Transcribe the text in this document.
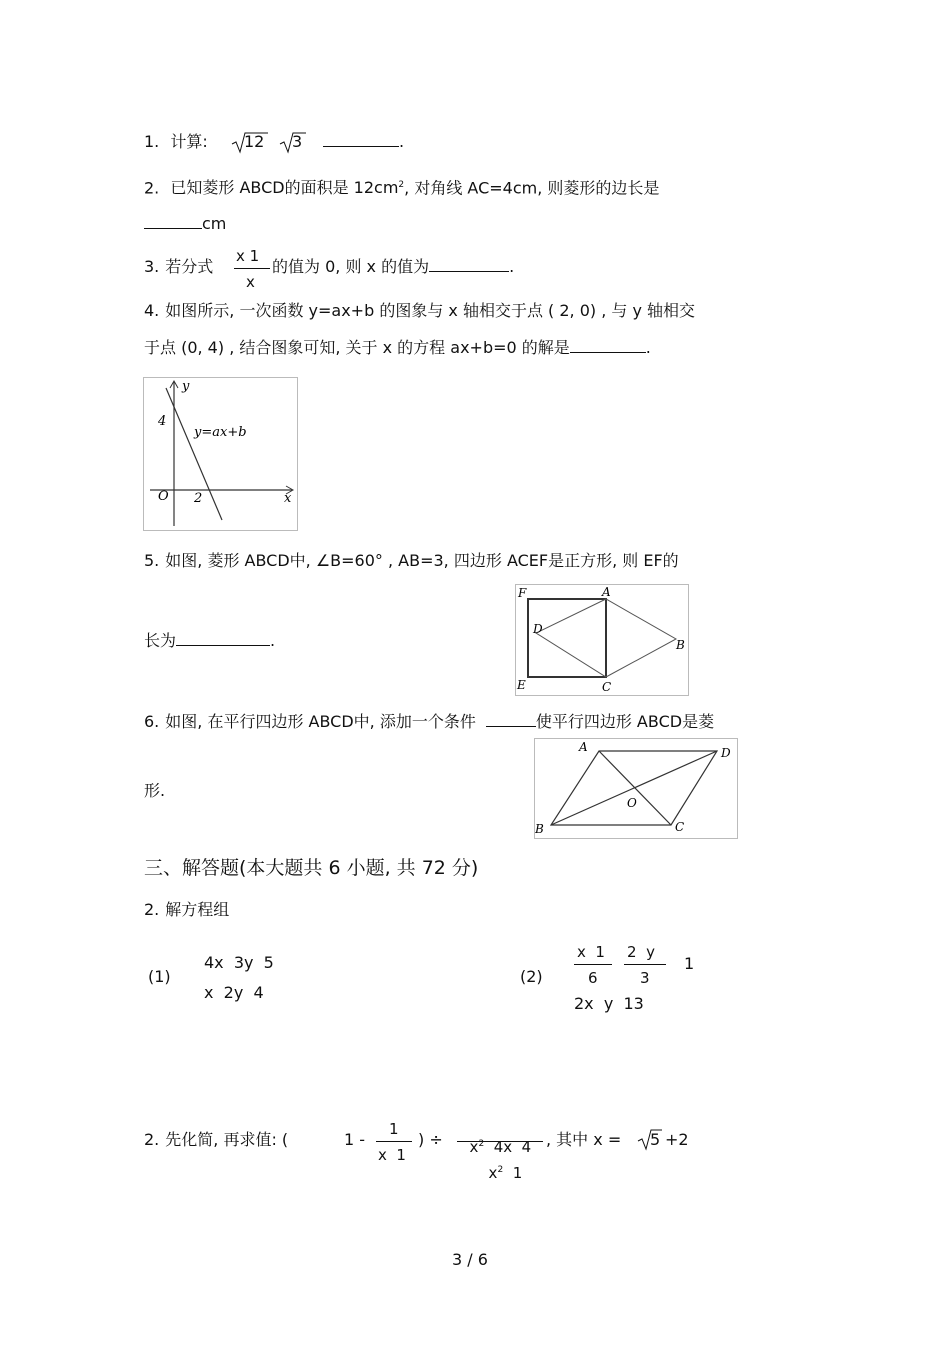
1. 计算: 12 3	.
2. 已知菱形 ABCD的面积是 $12cm^2$, 对角线 AC=4cm, 则菱形的边长是
cm
3. 若分式
x 1
x
的值为 0, 则 x 的值为	.
4. 如图所示, 一次函数 y=ax+b 的图象与 x 轴相交于点 ( 2, 0) , 与 y 轴相交
于点 (0, 4) , 结合图象可知, 关于 x 的方程 ax+b=0 的解是	.
y
x
O
4
2
y=ax+b
5. 如图, 菱形 ABCD中, ∠B=60° , AB=3, 四边形 ACEF是正方形, 则 EF的
长为	.
F	A
D
B
E	C
6. 如图, 在平行四边形 ABCD中, 添加一个条件	使平行四边形 ABCD是菱
形.
A	D
O
B	C
三、解答题(本大题共 6 小题, 共 72 分)
2. 解方程组
(1)
4x  3y  5
x  2y  4
(2)
x  1
6
2  y
3
1
2x  y  13
2. 先化简, 再求值: (	1 -
1
x  1
) ÷	$x^2$  4x  4

$x^2$  1

, 其中 x = 5 +2
3 / 6
